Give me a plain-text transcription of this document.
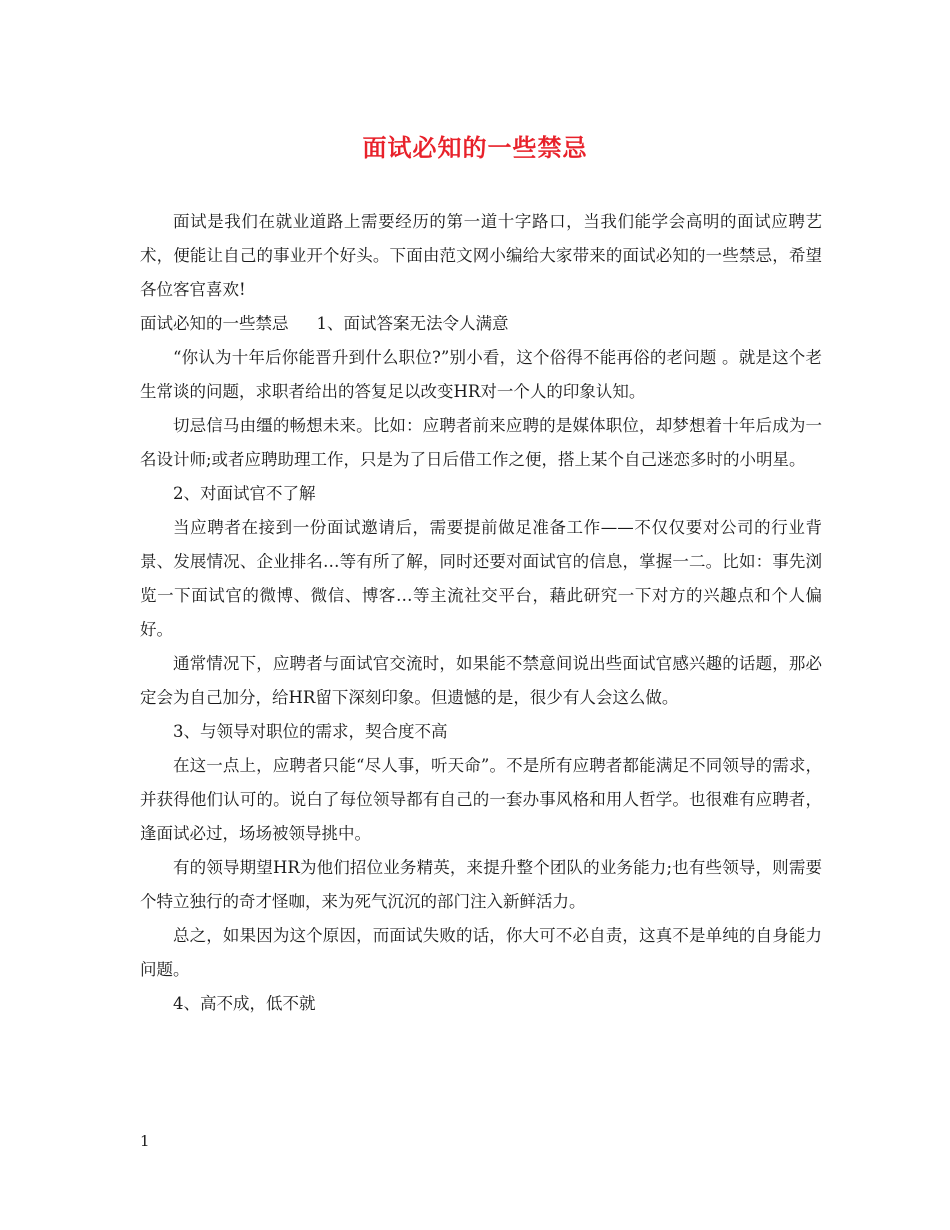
面试必知的一些禁忌

面试是我们在就业道路上需要经历的第一道十字路口，当我们能学会高明的面试应聘艺术，便能让自己的事业开个好头。下面由范文网小编给大家带来的面试必知的一些禁忌，希望各位客官喜欢!

面试必知的一些禁忌 1、面试答案无法令人满意

“你认为十年后你能晋升到什么职位?”别小看，这个俗得不能再俗的老问题 。就是这个老生常谈的问题，求职者给出的答复足以改变HR对一个人的印象认知。

切忌信马由缰的畅想未来。比如：应聘者前来应聘的是媒体职位，却梦想着十年后成为一名设计师;或者应聘助理工作，只是为了日后借工作之便，搭上某个自己迷恋多时的小明星。

2、对面试官不了解

当应聘者在接到一份面试邀请后，需要提前做足准备工作——不仅仅要对公司的行业背景、发展情况、企业排名…等有所了解，同时还要对面试官的信息，掌握一二。比如：事先浏览一下面试官的微博、微信、博客…等主流社交平台，藉此研究一下对方的兴趣点和个人偏好。

通常情况下，应聘者与面试官交流时，如果能不禁意间说出些面试官感兴趣的话题，那必定会为自己加分，给HR留下深刻印象。但遗憾的是，很少有人会这么做。

3、与领导对职位的需求，契合度不高

在这一点上，应聘者只能“尽人事，听天命”。不是所有应聘者都能满足不同领导的需求，并获得他们认可的。说白了每位领导都有自己的一套办事风格和用人哲学。也很难有应聘者，逢面试必过，场场被领导挑中。

有的领导期望HR为他们招位业务精英，来提升整个团队的业务能力;也有些领导，则需要个特立独行的奇才怪咖，来为死气沉沉的部门注入新鲜活力。

总之，如果因为这个原因，而面试失败的话，你大可不必自责，这真不是单纯的自身能力问题。

4、高不成，低不就

1
